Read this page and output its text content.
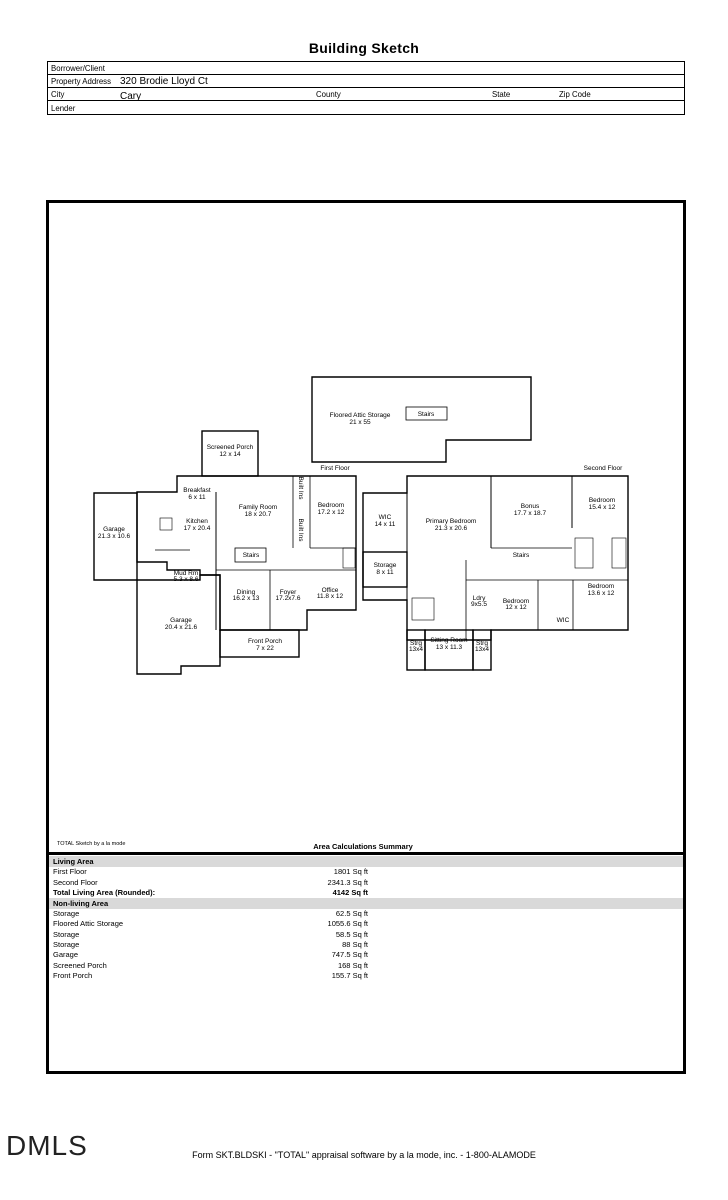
Building Sketch
Borrower/Client
Property Address 320 Brodie Lloyd Ct
City	Cary	County	State	Zip Code
Lender
First Floor	Second Floor
Floored Attic Storage
21 x 55
Stairs
Screened Porch
12 x 14
Breakfast
6 x 11
Family Room
18 x 20.7
Built Ins
Built Ins
Bedroom
17.2 x 12
Garage
21.3 x 10.6
Kitchen
17 x 20.4
Stairs
Mud Rm
5.3 x 8.6
Dining
16.2 x 13
Foyer
17.2x7.6
Office
11.8 x 12
Garage
20.4 x 21.6
Front Porch
7 x 22
WIC
14 x 11	Primary Bedroom
21.3 x 20.6
Bonus
17.7 x 18.7
Bedroom
15.4 x 12
Storage
8 x 11
Stairs
Ldry
9x5.5 Bedroom
12 x 12
Bedroom
13.6 x 12
WIC
Strg
13x4
Sitting Room
13 x 11.3
Strg
13x4
TOTAL Sketch by a la mode	Area Calculations Summary
Living Area
First Floor	1801 Sq ft
Second Floor	2341.3 Sq ft
Total Living Area (Rounded):	4142 Sq ft
Non-living Area
Storage	62.5 Sq ft
Floored Attic Storage	1055.6 Sq ft
Storage	58.5 Sq ft
Storage	88 Sq ft
Garage	747.5 Sq ft
Screened Porch	168 Sq ft
Front Porch	155.7 Sq ft
DMLS	Form SKT.BLDSKI - "TOTAL" appraisal software by a la mode, inc. - 1-800-ALAMODE
